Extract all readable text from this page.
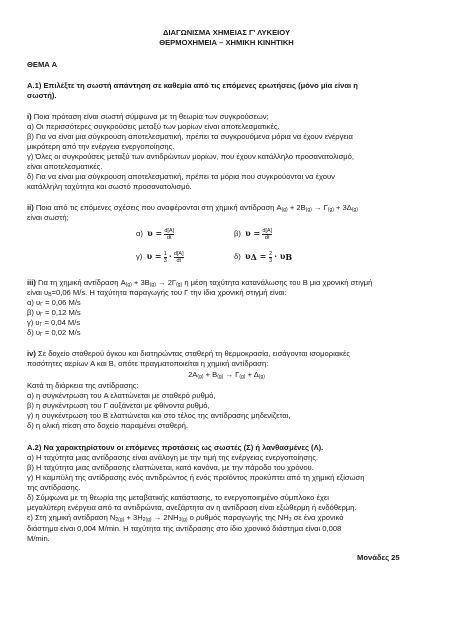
ΔΙΑΓΩΝΙΣΜΑ ΧΗΜΕΙΑΣ Γ' ΛΥΚΕΙΟΥ
ΘΕΡΜΟΧΗΜΕΙΑ – ΧΗΜΙΚΗ ΚΙΝΗΤΙΚΗ
ΘΕΜΑ Α
Α.1) Επιλέξτε τη σωστή απάντηση σε καθεμία από τις επόμενες ερωτήσεις (μόνο μία είναι η
σωστή).
i) Ποια πρόταση είναι σωστή σύμφωνα με τη θεωρία των συγκρούσεων;
α) Οι περισσότερες συγκρούσεις μεταξύ των μορίων είναι αποτελεσματικές.
β) Για να είναι μια σύγκρουση αποτελεσματική, πρέπει τα συγκρουόμενα μόρια να έχουν ενέργεια
μικρότερη από την ενέργεια ενεργοποίησης.
γ) Όλες οι συγκρούσεις μεταξύ των αντιδρώντων μορίων, που έχουν κατάλληλο προσανατολισμό,
είναι αποτελεσματικές.
δ) Για να είναι μια σύγκρουση αποτελεσματική, πρέπει τα μόρια που συγκρούονται να έχουν
κατάλληλη ταχύτητα και σωστό προσανατολισμό.
ii) Ποια από τις επόμενες σχέσεις που αναφέρονται στη χημική αντίδραση $A_{(g)} + 2B_{(g)} \to \Gamma_{(g)} + 3\Delta_{(g)}$
είναι σωστή;
α) $\upsilon = \frac{d[A]}{dt}$	β) $\upsilon = \frac{d[A]}{dt}$
γ) $\upsilon = \frac{1}{3} \cdot \frac{d[A]}{dt}$	δ) $\upsilon_\Delta = \frac{2}{3} \cdot \upsilon_B$
iii) Για τη χημική αντίδραση $A_{(g)} + 3B_{(g)} \to 2\Gamma_{(g)}$ η μέση ταχύτητα κατανάλωσης του B μια χρονική στιγμή
είναι $\upsilon_B=0,06$ M/s. Η ταχύτητα παραγωγής του Γ την ίδια χρονική στιγμή είναι:
α) $\upsilon_\Gamma = 0,06$ M/s
β) $\upsilon_\Gamma = 0,12$ M/s
γ) $\upsilon_\Gamma = 0,04$ M/s
δ) $\upsilon_\Gamma = 0,02$ M/s
iv) Σε δοχείο σταθερού όγκου και διατηρώντας σταθερή τη θερμοκρασία, εισάγονται ισομοριακές
ποσότητες αερίων A και B, οπότε πραγματοποιείται η χημική αντίδραση:
$2A_{(g)} + B_{(g)} \to \Gamma_{(g)} + \Delta_{(g)}$
Κατά τη διάρκεια της αντίδρασης:
α) η συγκέντρωση του A ελαττώνεται με σταθερό ρυθμό,
β) η συγκέντρωση του Γ αυξάνεται με φθίνοντα ρυθμό,
γ) η συγκέντρωση του B ελαττώνεται και στο τέλος της αντίδρασης μηδενίζεται,
δ) η ολική πίεση στο δοχείο παραμένει σταθερή.
Α.2) Να χαρακτηρίστουν οι επόμενες προτάσεις ως σωστές (Σ) ή λανθασμένες (Λ).
α) Η ταχύτητα μιας αντίδρασης είναι ανάλογη με την τιμή της ενέργειας ενεργοποίησης.
β) Η ταχύτητα μιας αντίδρασης ελαττώνεται, κατά κανόνα, με την πάροδο του χρόνου.
γ) Η καμπύλη της αντίδρασης ενός αντιδρώντος ή ενός προϊόντος προκύπτει από τη χημική εξίσωση
της αντίδρασης.
δ) Σύμφωνα με τη θεωρία της μεταβατικής κατάστασης, το ενεργοποιημένο σύμπλοκο έχει
μεγαλύτερη ενέργεια από τα αντιδρώντα, ανεξάρτητα αν η αντίδραση είναι εξώθερμη ή ενδόθερμη.
ε) Στη χημική αντίδραση $N_{2(g)} + 3H_{2(g)} \to 2NH_{3(g)}$ ο ρυθμός παραγωγής της $NH_3$ σε ένα χρονικό
διάστημα είναι 0,004 M/min. Η ταχύτητα της αντίδρασης στο ίδιο χρονικό διάστημα είναι 0,008
M/min.
Μονάδες 25
